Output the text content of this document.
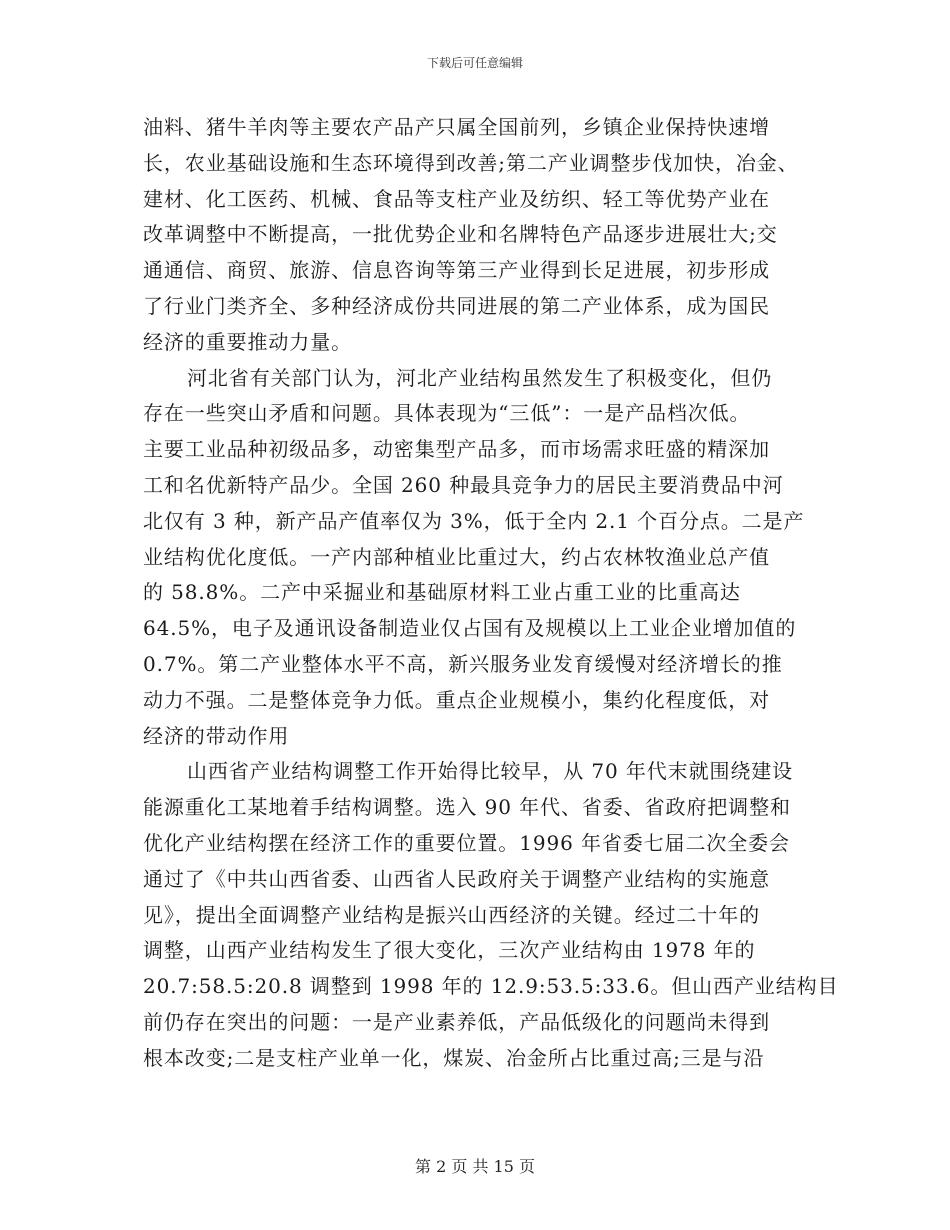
下载后可任意编辑
油料、猪牛羊肉等主要农产品产只属全国前列，乡镇企业保持快速增
长，农业基础设施和生态环境得到改善;第二产业调整步伐加快，冶金、
建材、化工医药、机械、食品等支柱产业及纺织、轻工等优势产业在
改革调整中不断提高，一批优势企业和名牌特色产品逐步进展壮大;交
通通信、商贸、旅游、信息咨询等第三产业得到长足进展，初步形成
了行业门类齐全、多种经济成份共同进展的第二产业体系，成为国民
经济的重要推动力量。
河北省有关部门认为，河北产业结构虽然发生了积极变化，但仍
存在一些突山矛盾和问题。具体表现为“三低”：一是产品档次低。
主要工业品种初级品多，动密集型产品多，而市场需求旺盛的精深加
工和名优新特产品少。全国 260 种最具竞争力的居民主要消费品中河
北仅有 3 种，新产品产值率仅为 3%，低于全内 2.1 个百分点。二是产
业结构优化度低。一产内部种植业比重过大，约占农林牧渔业总产值
的 58.8%。二产中采掘业和基础原材料工业占重工业的比重高达
64.5%，电子及通讯设备制造业仅占国有及规模以上工业企业增加值的
0.7%。第二产业整体水平不高，新兴服务业发育缓慢对经济增长的推
动力不强。二是整体竞争力低。重点企业规模小，集约化程度低，对
经济的带动作用
山西省产业结构调整工作开始得比较早，从 70 年代末就围绕建设
能源重化工某地着手结构调整。选入 90 年代、省委、省政府把调整和
优化产业结构摆在经济工作的重要位置。1996 年省委七届二次全委会
通过了《中共山西省委、山西省人民政府关于调整产业结构的实施意
见》，提出全面调整产业结构是振兴山西经济的关键。经过二十年的
调整，山西产业结构发生了很大变化，三次产业结构由 1978 年的
20.7:58.5:20.8 调整到 1998 年的 12.9:53.5:33.6。但山西产业结构目
前仍存在突出的问题：一是产业素养低，产品低级化的问题尚未得到
根本改变;二是支柱产业单一化，煤炭、冶金所占比重过高;三是与沿
第 2 页 共 15 页
